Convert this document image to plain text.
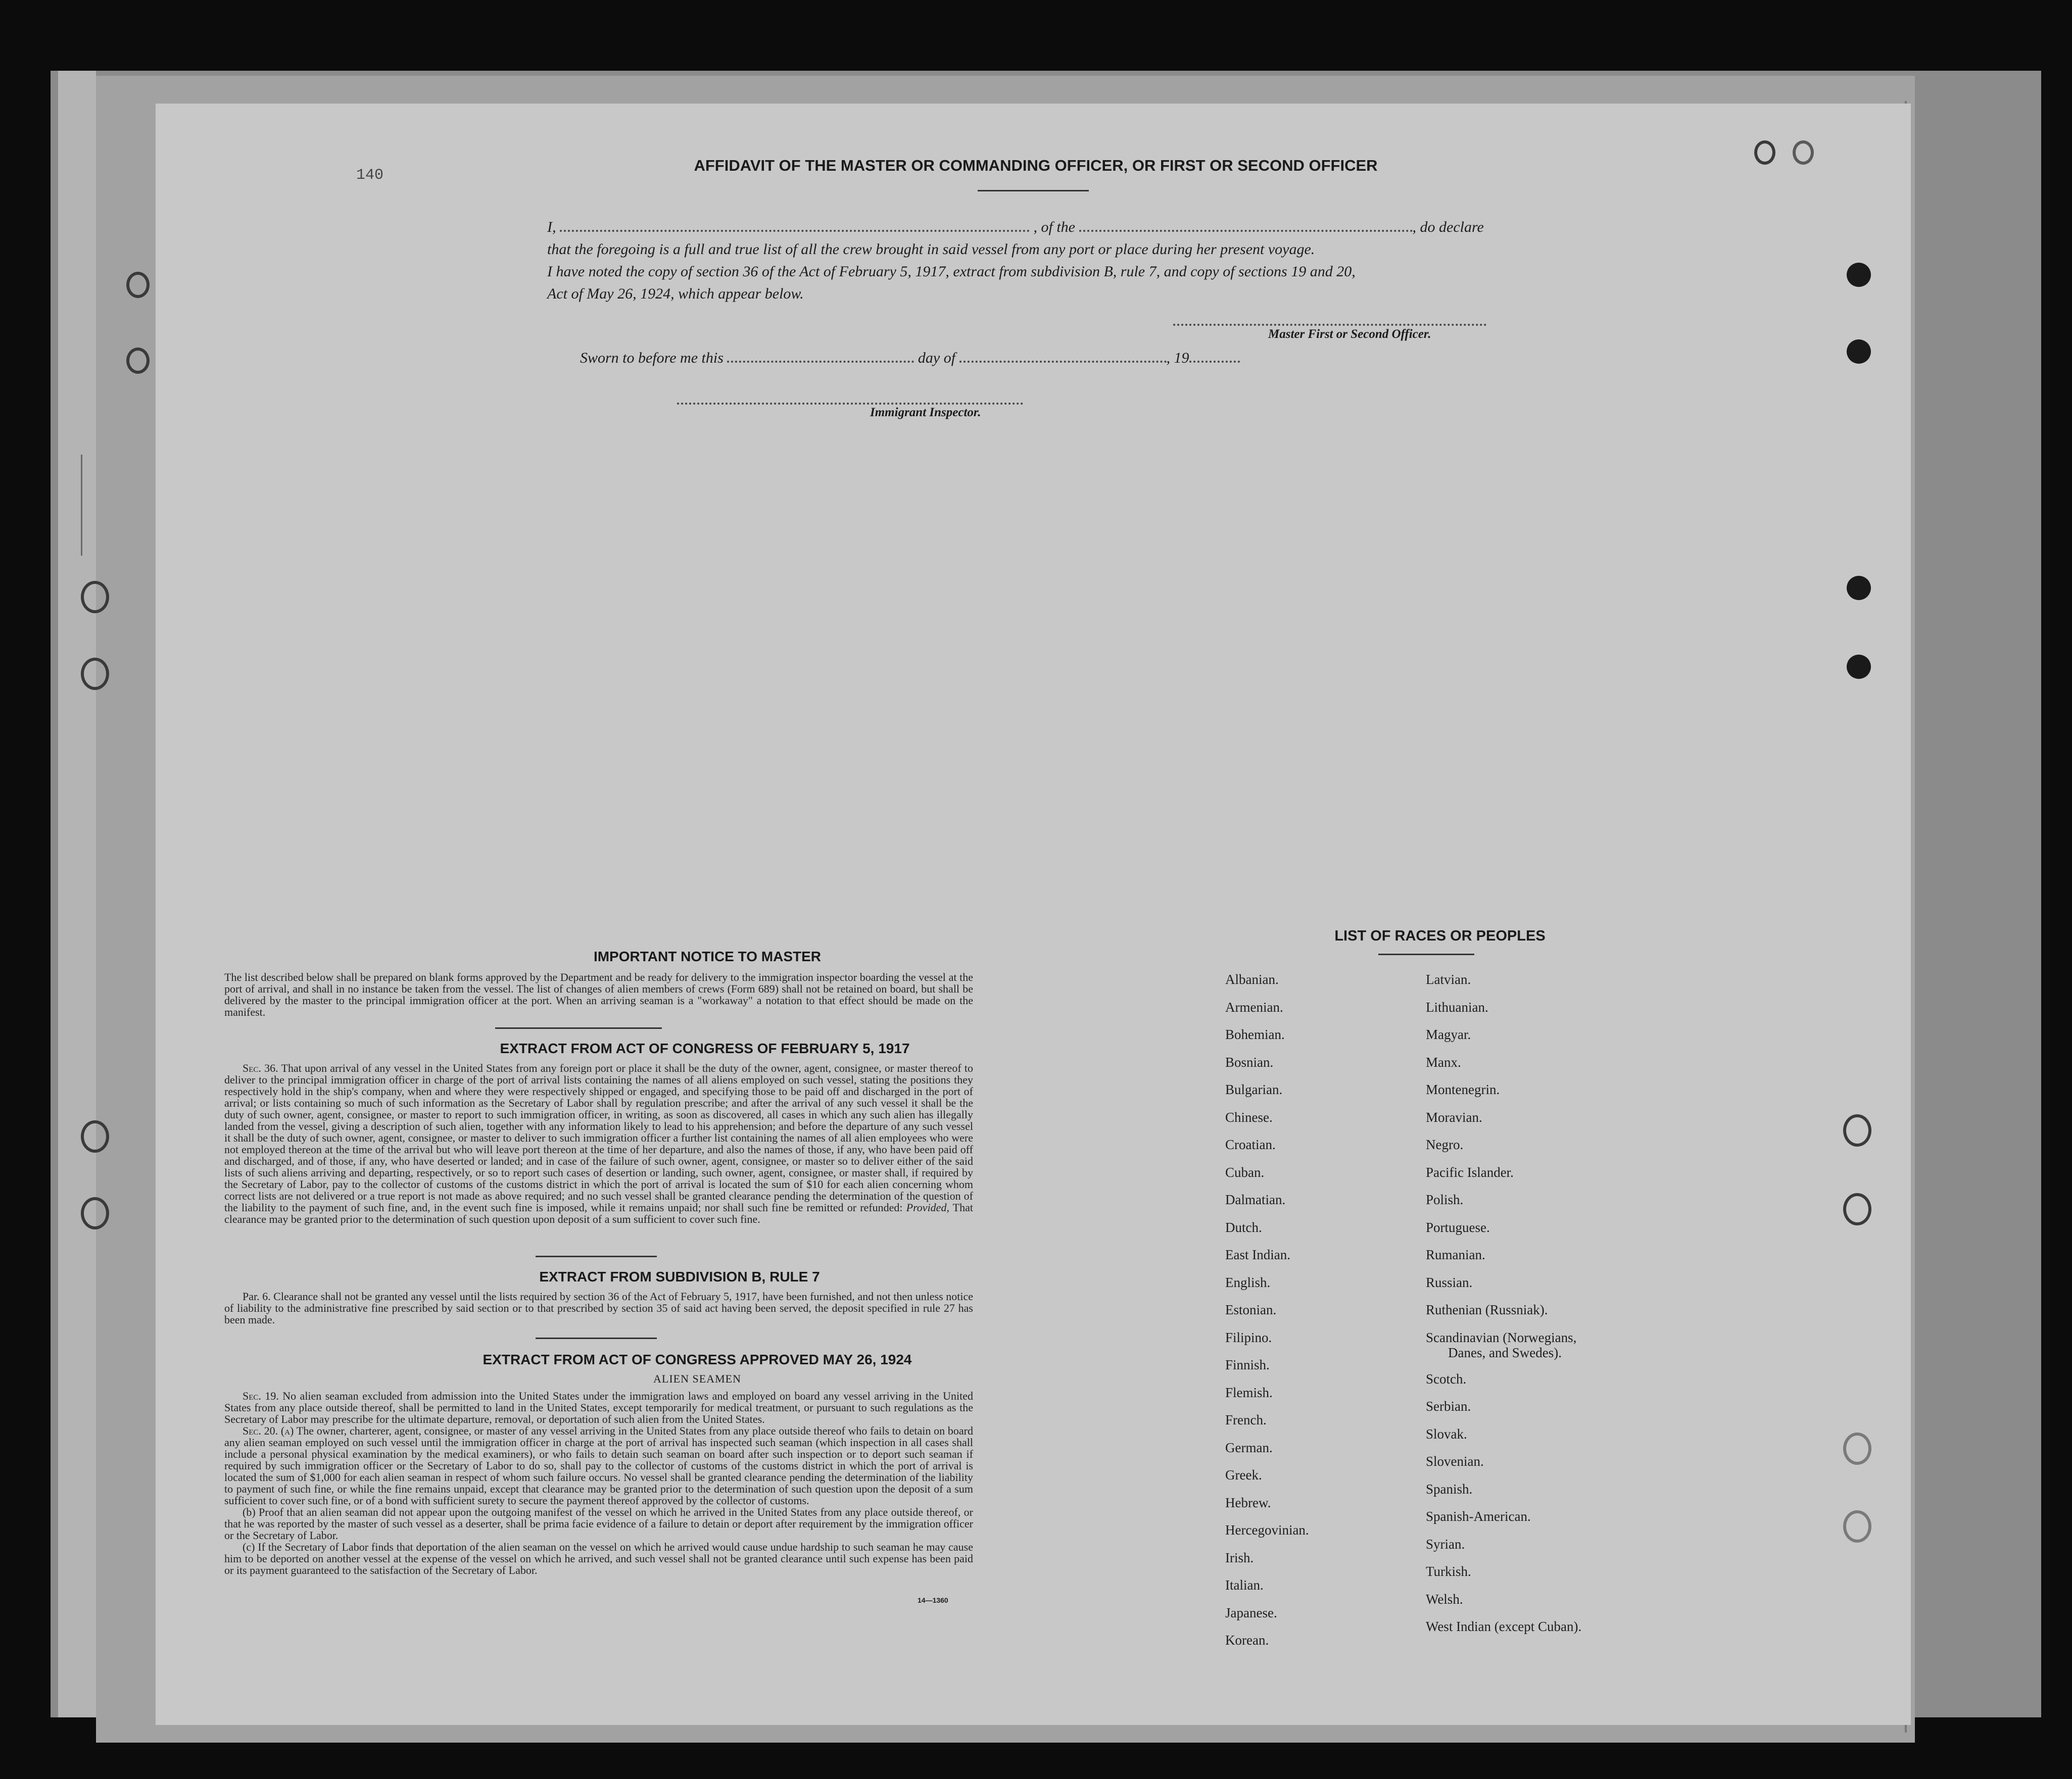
140
AFFIDAVIT OF THE MASTER OR COMMANDING OFFICER, OR FIRST OR SECOND OFFICER
I,	, of the	, do declare
that the foregoing is a full and true list of all the crew brought in said vessel from any port or place during her present voyage.
I have noted the copy of section 36 of the Act of February 5, 1917, extract from subdivision B, rule 7, and copy of sections 19 and 20,
Act of May 26, 1924, which appear below.
Master First or Second Officer.
Sworn to before me this	day of	, 19
Immigrant Inspector.
IMPORTANT NOTICE TO MASTER
The list described below shall be prepared on blank forms approved by the Department and be ready for delivery to the immigration inspector boarding the vessel at the port of arrival, and shall in no instance be taken from the vessel. The list of changes of alien members of crews (Form 689) shall not be retained on board, but shall be delivered by the master to the principal immigration officer at the port. When an arriving seaman is a "workaway" a notation to that effect should be made on the manifest.
EXTRACT FROM ACT OF CONGRESS OF FEBRUARY 5, 1917
Sec. 36. That upon arrival of any vessel in the United States from any foreign port or place it shall be the duty of the owner, agent, consignee, or master thereof to deliver to the principal immigration officer in charge of the port of arrival lists containing the names of all aliens employed on such vessel, stating the positions they respectively hold in the ship's company, when and where they were respectively shipped or engaged, and specifying those to be paid off and discharged in the port of arrival; or lists containing so much of such information as the Secretary of Labor shall by regulation prescribe; and after the arrival of any such vessel it shall be the duty of such owner, agent, consignee, or master to report to such immigration officer, in writing, as soon as discovered, all cases in which any such alien has illegally landed from the vessel, giving a description of such alien, together with any information likely to lead to his apprehension; and before the departure of any such vessel it shall be the duty of such owner, agent, consignee, or master to deliver to such immigration officer a further list containing the names of all alien employees who were not employed thereon at the time of the arrival but who will leave port thereon at the time of her departure, and also the names of those, if any, who have been paid off and discharged, and of those, if any, who have deserted or landed; and in case of the failure of such owner, agent, consignee, or master so to deliver either of the said lists of such aliens arriving and departing, respectively, or so to report such cases of desertion or landing, such owner, agent, consignee, or master shall, if required by the Secretary of Labor, pay to the collector of customs of the customs district in which the port of arrival is located the sum of $10 for each alien concerning whom correct lists are not delivered or a true report is not made as above required; and no such vessel shall be granted clearance pending the determination of the question of the liability to the payment of such fine, and, in the event such fine is imposed, while it remains unpaid; nor shall such fine be remitted or refunded: Provided, That clearance may be granted prior to the determination of such question upon deposit of a sum sufficient to cover such fine.
EXTRACT FROM SUBDIVISION B, RULE 7
Par. 6. Clearance shall not be granted any vessel until the lists required by section 36 of the Act of February 5, 1917, have been furnished, and not then unless notice of liability to the administrative fine prescribed by said section or to that prescribed by section 35 of said act having been served, the deposit specified in rule 27 has been made.
EXTRACT FROM ACT OF CONGRESS APPROVED MAY 26, 1924
ALIEN SEAMEN
Sec. 19. No alien seaman excluded from admission into the United States under the immigration laws and employed on board any vessel arriving in the United States from any place outside thereof, shall be permitted to land in the United States, except temporarily for medical treatment, or pursuant to such regulations as the Secretary of Labor may prescribe for the ultimate departure, removal, or deportation of such alien from the United States.
Sec. 20. (a) The owner, charterer, agent, consignee, or master of any vessel arriving in the United States from any place outside thereof who fails to detain on board any alien seaman employed on such vessel until the immigration officer in charge at the port of arrival has inspected such seaman (which inspection in all cases shall include a personal physical examination by the medical examiners), or who fails to detain such seaman on board after such inspection or to deport such seaman if required by such immigration officer or the Secretary of Labor to do so, shall pay to the collector of customs of the customs district in which the port of arrival is located the sum of $1,000 for each alien seaman in respect of whom such failure occurs. No vessel shall be granted clearance pending the determination of the liability to payment of such fine, or while the fine remains unpaid, except that clearance may be granted prior to the determination of such question upon the deposit of a sum sufficient to cover such fine, or of a bond with sufficient surety to secure the payment thereof approved by the collector of customs.
(b) Proof that an alien seaman did not appear upon the outgoing manifest of the vessel on which he arrived in the United States from any place outside thereof, or that he was reported by the master of such vessel as a deserter, shall be prima facie evidence of a failure to detain or deport after requirement by the immigration officer or the Secretary of Labor.
(c) If the Secretary of Labor finds that deportation of the alien seaman on the vessel on which he arrived would cause undue hardship to such seaman he may cause him to be deported on another vessel at the expense of the vessel on which he arrived, and such vessel shall not be granted clearance until such expense has been paid or its payment guaranteed to the satisfaction of the Secretary of Labor.
14—1360
LIST OF RACES OR PEOPLES
Albanian.
Armenian.
Bohemian.
Bosnian.
Bulgarian.
Chinese.
Croatian.
Cuban.
Dalmatian.
Dutch.
East Indian.
English.
Estonian.
Filipino.
Finnish.
Flemish.
French.
German.
Greek.
Hebrew.
Hercegovinian.
Irish.
Italian.
Japanese.
Korean.
Latvian.
Lithuanian.
Magyar.
Manx.
Montenegrin.
Moravian.
Negro.
Pacific Islander.
Polish.
Portuguese.
Rumanian.
Russian.
Ruthenian (Russniak).
Scandinavian (Norwegians,
Danes, and Swedes).
Scotch.
Serbian.
Slovak.
Slovenian.
Spanish.
Spanish-American.
Syrian.
Turkish.
Welsh.
West Indian (except Cuban).
